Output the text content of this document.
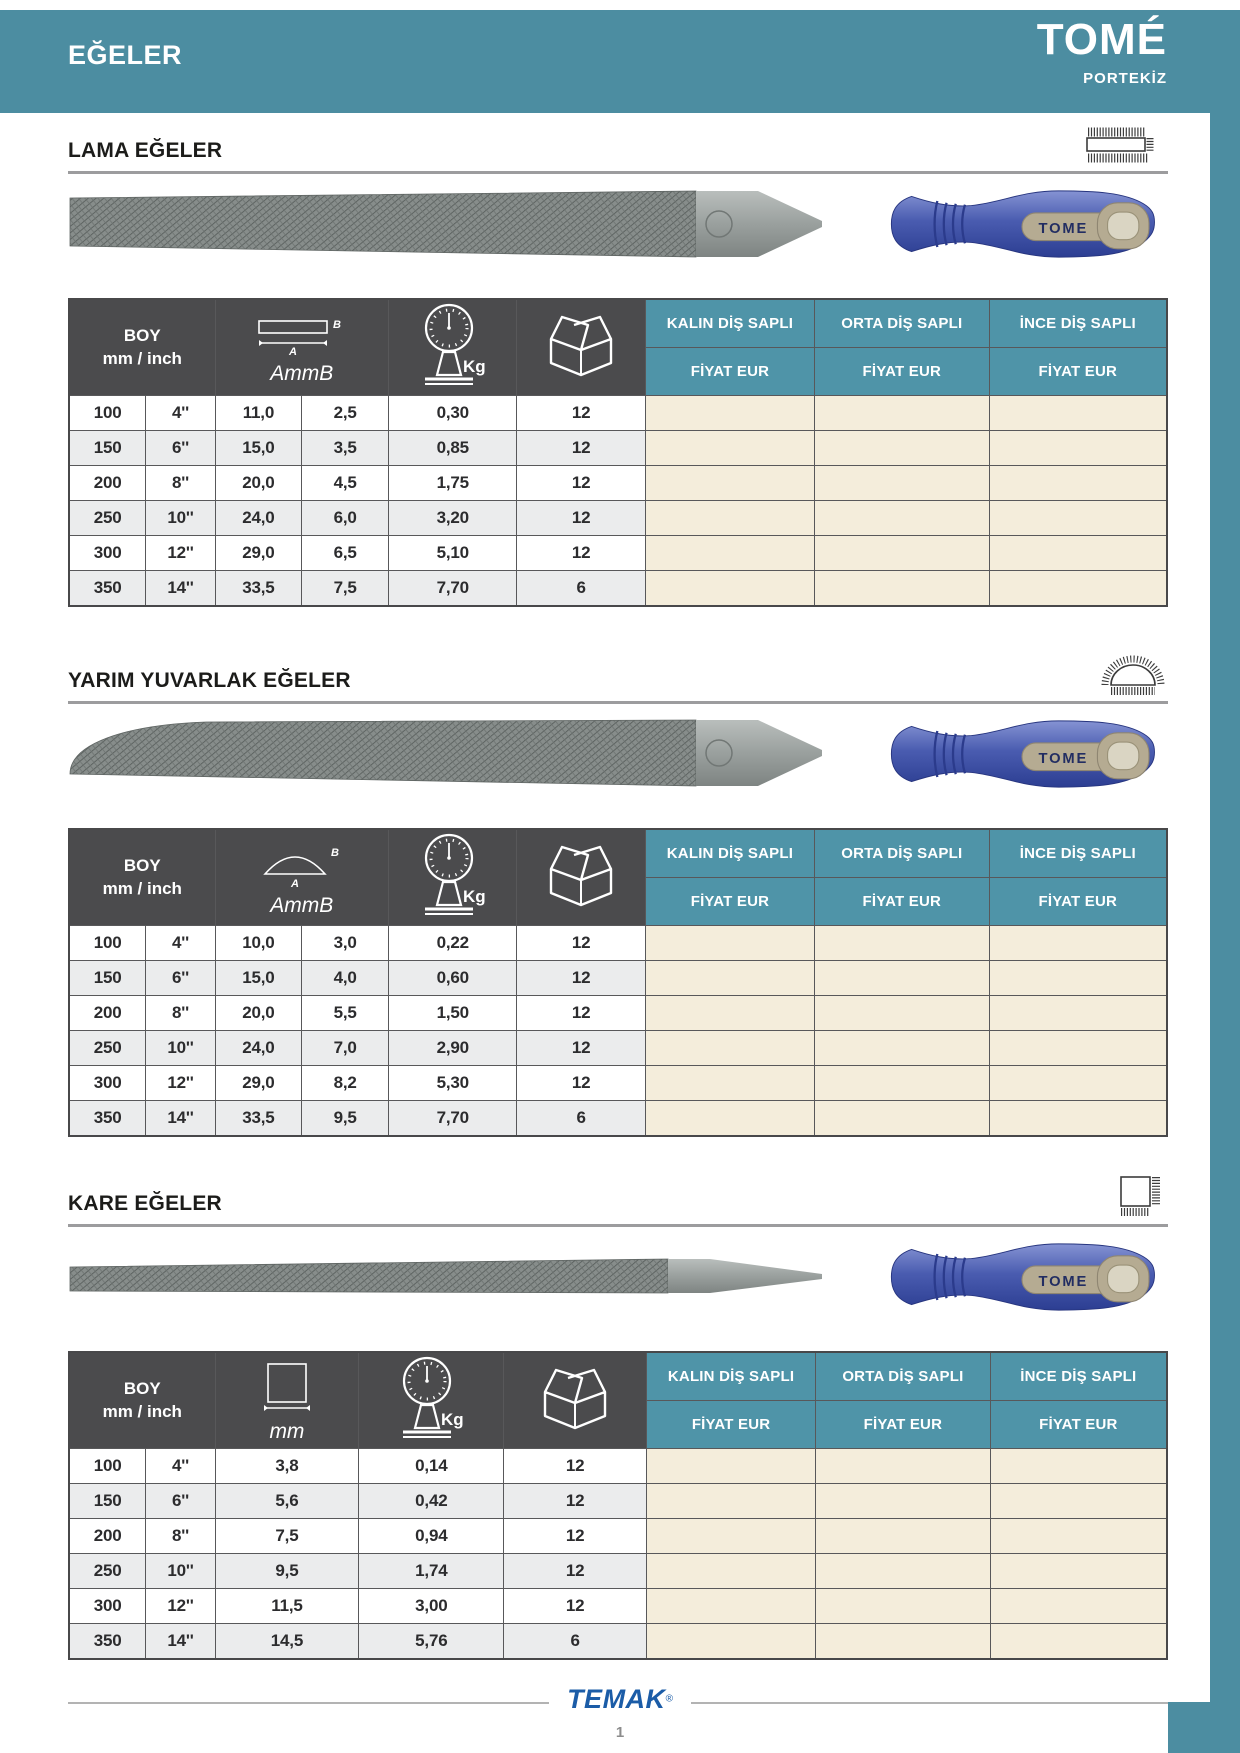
EĞELER	TOMÉ
PORTEKİZ
LAMA EĞELER
TOME
BOY
mm / inch		B
A
AmmB		Kg		KALIN DİŞ SAPLI	ORTA DİŞ SAPLI	İNCE DİŞ SAPLI
						FİYAT EUR	FİYAT EUR	FİYAT EUR
100	4''	11,0	2,5	0,30	12			
150	6''	15,0	3,5	0,85	12			
200	8''	20,0	4,5	1,75	12			
250	10''	24,0	6,0	3,20	12			
300	12''	29,0	6,5	5,10	12			
350	14''	33,5	7,5	7,70	6			
YARIM YUVARLAK EĞELER
TOME
BOY
mm / inch		B
A
AmmB		Kg		KALIN DİŞ SAPLI	ORTA DİŞ SAPLI	İNCE DİŞ SAPLI
						FİYAT EUR	FİYAT EUR	FİYAT EUR
100	4''	10,0	3,0	0,22	12			
150	6''	15,0	4,0	0,60	12			
200	8''	20,0	5,5	1,50	12			
250	10''	24,0	7,0	2,90	12			
300	12''	29,0	8,2	5,30	12			
350	14''	33,5	9,5	7,70	6			
KARE EĞELER
TOME
BOY
mm / inch		mm	Kg		KALIN DİŞ SAPLI	ORTA DİŞ SAPLI	İNCE DİŞ SAPLI
					FİYAT EUR	FİYAT EUR	FİYAT EUR
100	4''	3,8	0,14	12			
150	6''	5,6	0,42	12			
200	8''	7,5	0,94	12			
250	10''	9,5	1,74	12			
300	12''	11,5	3,00	12			
350	14''	14,5	5,76	6			
TEMAK®
1
